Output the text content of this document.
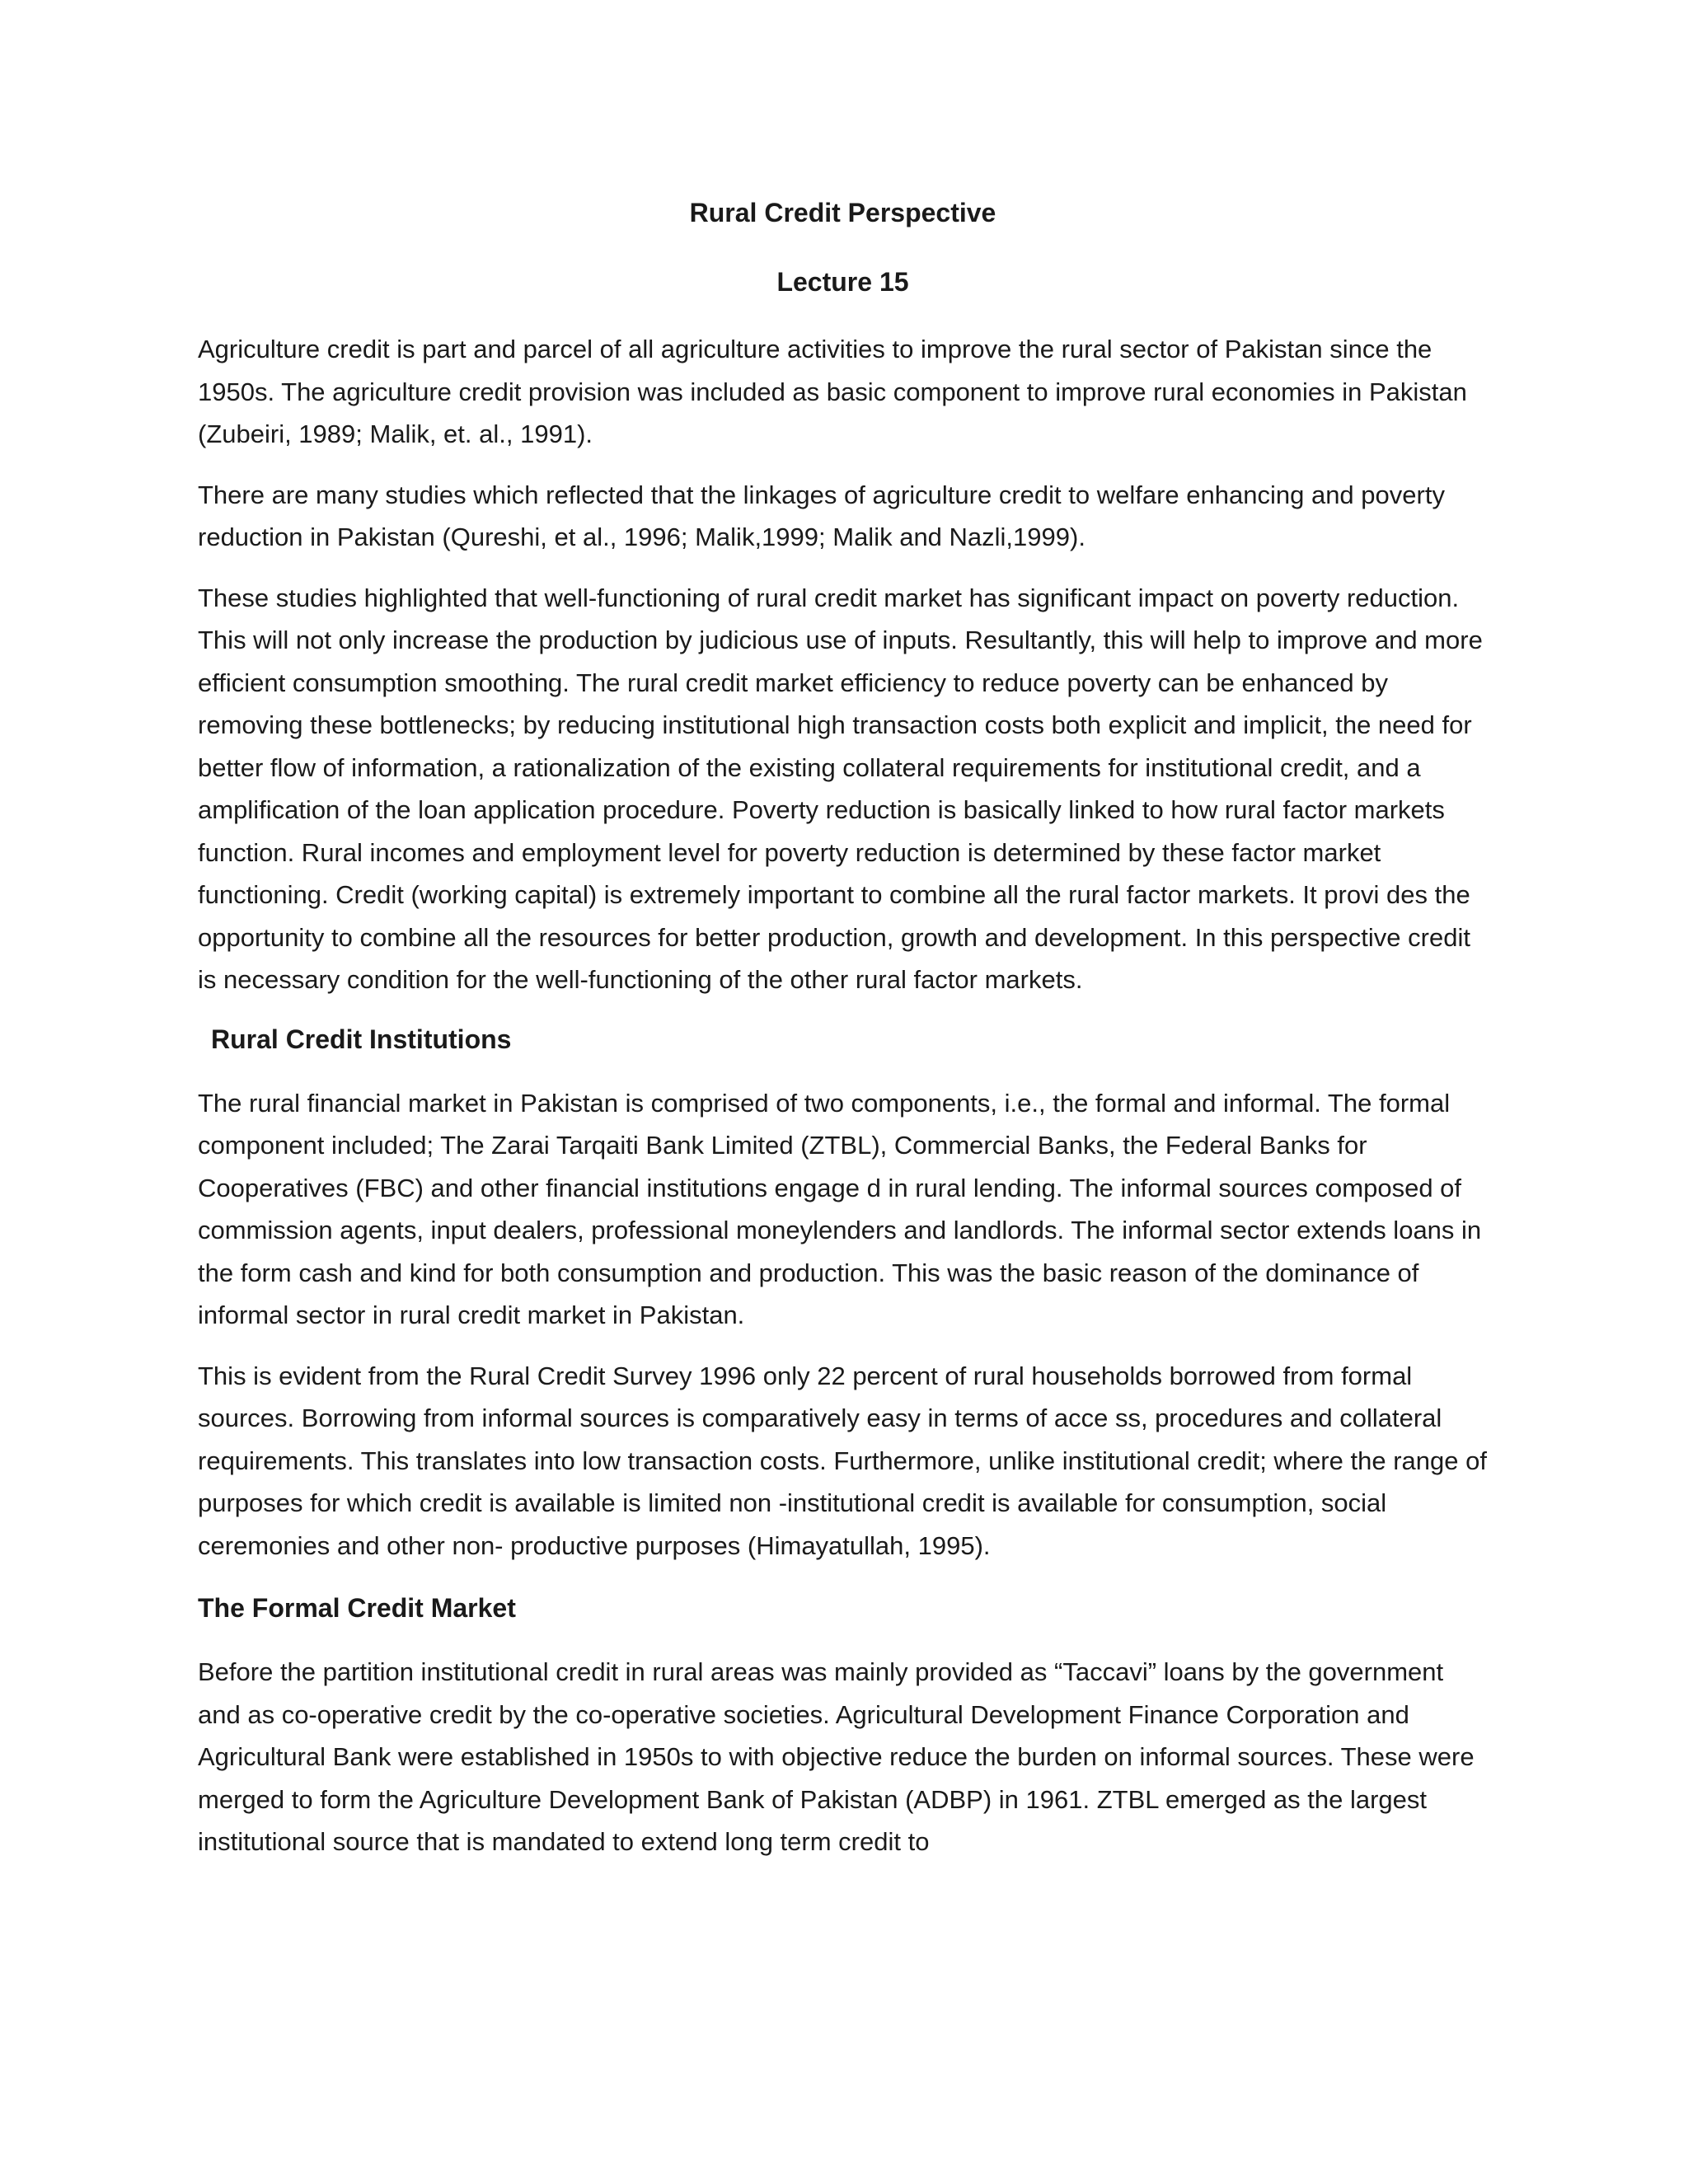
Rural Credit Perspective
Lecture 15

Agriculture credit is part and parcel of all agriculture activities to improve the rural sector of Pakistan since the 1950s. The agriculture credit provision was included as basic component to improve rural economies in Pakistan (Zubeiri, 1989; Malik, et. al., 1991).

There are many studies which reflected that the linkages of agriculture credit to welfare enhancing and poverty reduction in Pakistan (Qureshi, et al., 1996; Malik,1999; Malik and Nazli,1999).

These studies highlighted that well-functioning of rural credit market has significant impact on poverty reduction. This will not only increase the production by judicious use of inputs. Resultantly, this will help to improve and more efficient consumption smoothing. The rural credit market efficiency to reduce poverty can be enhanced by removing these bottlenecks; by reducing institutional high transaction costs both explicit and implicit, the need for better flow of information, a rationalization of the existing collateral requirements for institutional credit, and a amplification of the loan application procedure. Poverty reduction is basically linked to how rural factor markets function. Rural incomes and employment level for poverty reduction is determined by these factor market functioning. Credit (working capital) is extremely important to combine all the rural factor markets. It provi des the opportunity to combine all the resources for better production, growth and development. In this perspective credit is necessary condition for the well-functioning of the other rural factor markets.

Rural Credit Institutions

The rural financial market in Pakistan is comprised of two components, i.e., the formal and informal. The formal component included; The Zarai Tarqaiti Bank Limited (ZTBL), Commercial Banks, the Federal Banks for Cooperatives (FBC) and other financial institutions engage d in rural lending. The informal sources composed of commission agents, input dealers, professional moneylenders and landlords. The informal sector extends loans in the form cash and kind for both consumption and production. This was the basic reason of the dominance of informal sector in rural credit market in Pakistan.

This is evident from the Rural Credit Survey 1996 only 22 percent of rural households borrowed from formal sources. Borrowing from informal sources is comparatively easy in terms of acce ss, procedures and collateral requirements. This translates into low transaction costs. Furthermore, unlike institutional credit; where the range of purposes for which credit is available is limited non -institutional credit is available for consumption, social ceremonies and other non- productive purposes (Himayatullah, 1995).

The Formal Credit Market

Before the partition institutional credit in rural areas was mainly provided as “Taccavi” loans by the government and as co-operative credit by the co-operative societies. Agricultural Development Finance Corporation and Agricultural Bank were established in 1950s to with objective reduce the burden on informal sources. These were merged to form the Agriculture Development Bank of Pakistan (ADBP) in 1961. ZTBL emerged as the largest institutional source that is mandated to extend long term credit to
